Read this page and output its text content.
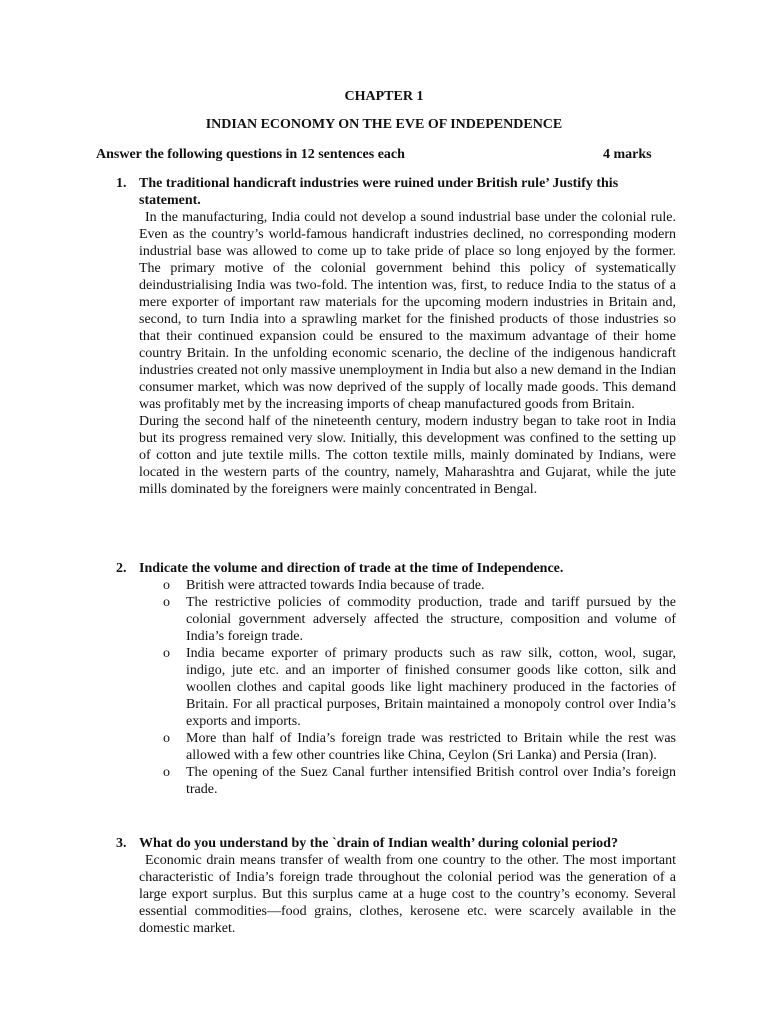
CHAPTER 1
INDIAN ECONOMY ON THE EVE OF INDEPENDENCE
Answer the following questions in 12 sentences each	4 marks
1. The traditional handicraft industries were ruined under British rule’ Justify this statement.

In the manufacturing, India could not develop a sound industrial base under the colonial rule. Even as the country’s world-famous handicraft industries declined, no corresponding modern industrial base was allowed to come up to take pride of place so long enjoyed by the former. The primary motive of the colonial government behind this policy of systematically deindustrialising India was two-fold. The intention was, first, to reduce India to the status of a mere exporter of important raw materials for the upcoming modern industries in Britain and, second, to turn India into a sprawling market for the finished products of those industries so that their continued expansion could be ensured to the maximum advantage of their home country Britain. In the unfolding economic scenario, the decline of the indigenous handicraft industries created not only massive unemployment in India but also a new demand in the Indian consumer market, which was now deprived of the supply of locally made goods. This demand was profitably met by the increasing imports of cheap manufactured goods from Britain.

During the second half of the nineteenth century, modern industry began to take root in India but its progress remained very slow. Initially, this development was confined to the setting up of cotton and jute textile mills. The cotton textile mills, mainly dominated by Indians, were located in the western parts of the country, namely, Maharashtra and Gujarat, while the jute mills dominated by the foreigners were mainly concentrated in Bengal.

2. Indicate the volume and direction of trade at the time of Independence.
o British were attracted towards India because of trade.
o The restrictive policies of commodity production, trade and tariff pursued by the colonial government adversely affected the structure, composition and volume of India’s foreign trade.
o India became exporter of primary products such as raw silk, cotton, wool, sugar, indigo, jute etc. and an importer of finished consumer goods like cotton, silk and woollen clothes and capital goods like light machinery produced in the factories of Britain. For all practical purposes, Britain maintained a monopoly control over India’s exports and imports.
o More than half of India’s foreign trade was restricted to Britain while the rest was allowed with a few other countries like China, Ceylon (Sri Lanka) and Persia (Iran).
o The opening of the Suez Canal further intensified British control over India’s foreign trade.
3. What do you understand by the `drain of Indian wealth’ during colonial period?

Economic drain means transfer of wealth from one country to the other. The most important characteristic of India’s foreign trade throughout the colonial period was the generation of a large export surplus. But this surplus came at a huge cost to the country’s economy. Several essential commodities—food grains, clothes, kerosene etc. were scarcely available in the domestic market.
